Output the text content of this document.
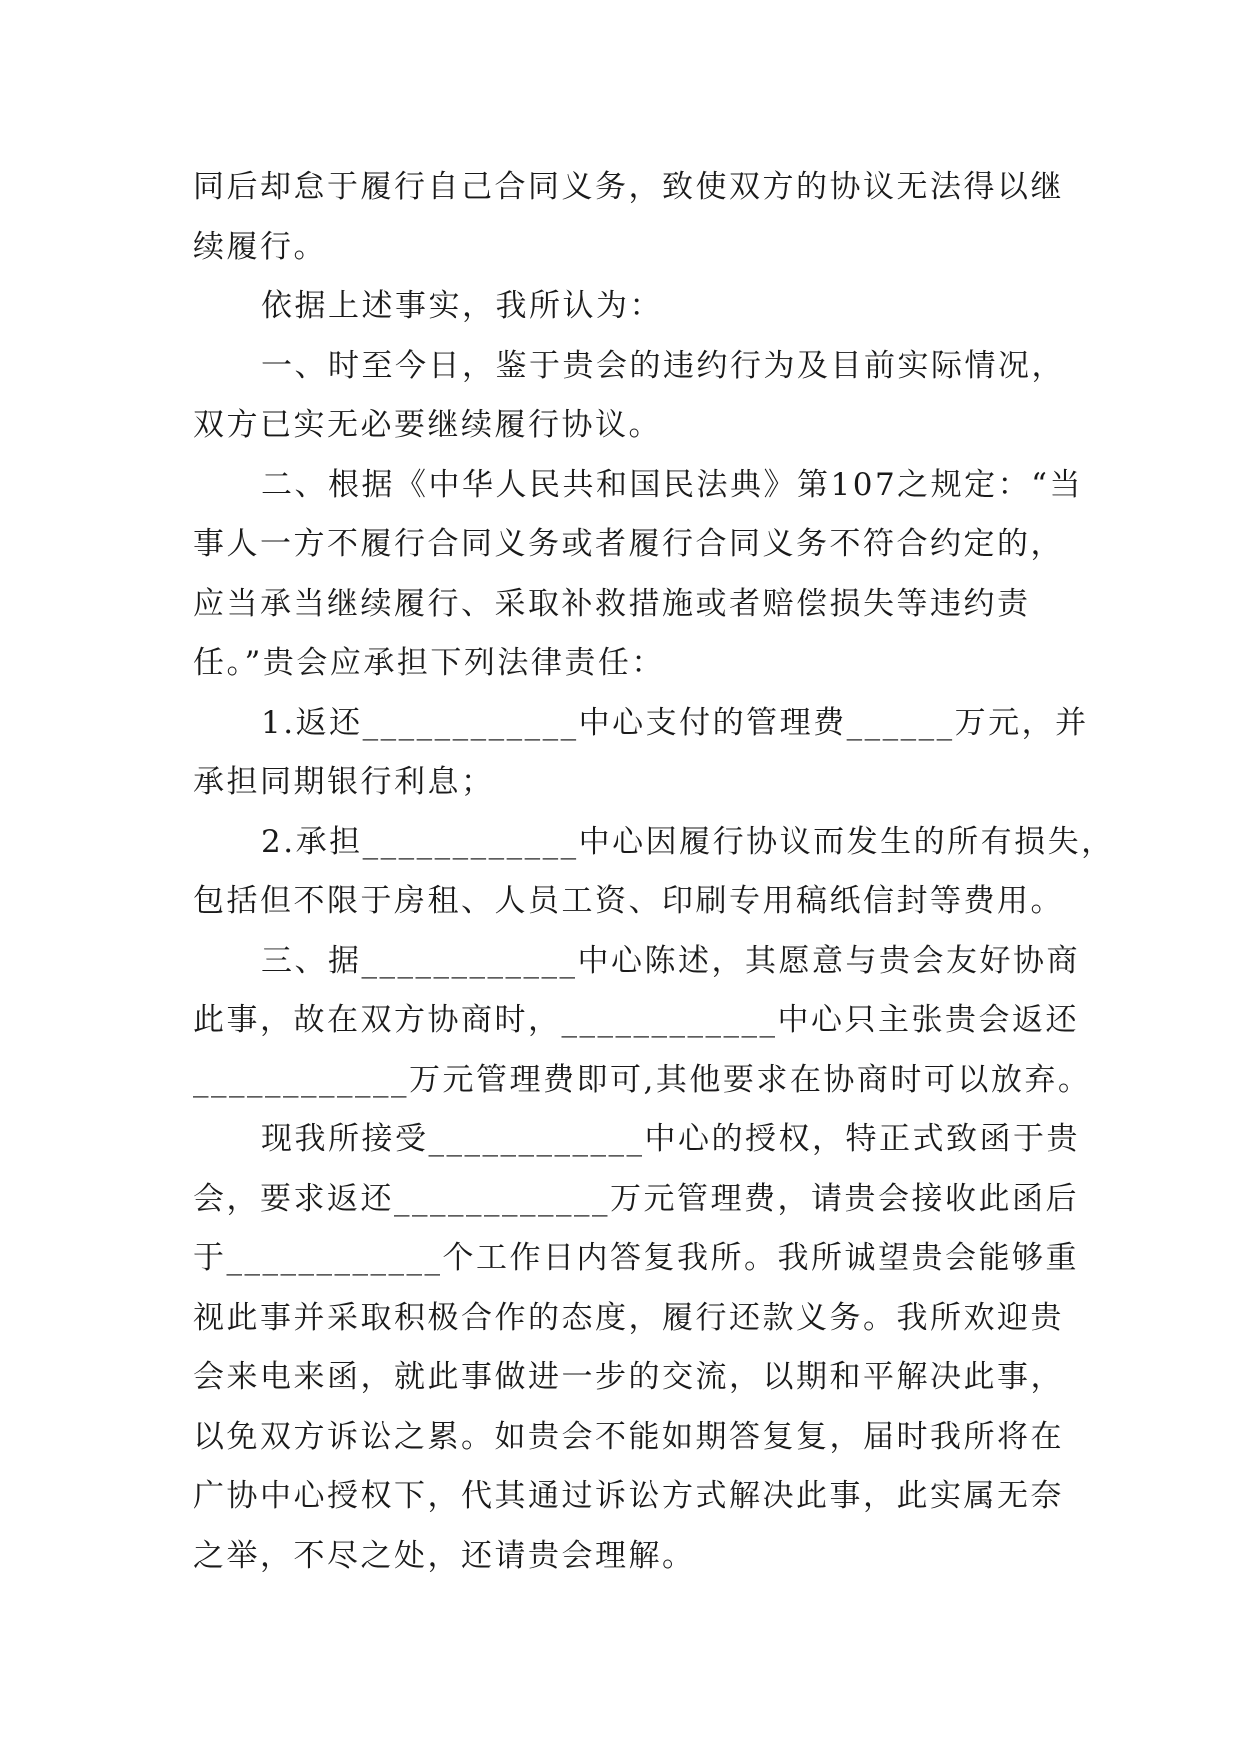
同后却怠于履行自己合同义务，致使双方的协议无法得以继
续履行。
依据上述事实，我所认为：
一、时至今日，鉴于贵会的违约行为及目前实际情况，
双方已实无必要继续履行协议。
二、根据《中华人民共和国民法典》第107之规定：“当
事人一方不履行合同义务或者履行合同义务不符合约定的，
应当承当继续履行、采取补救措施或者赔偿损失等违约责
任。”贵会应承担下列法律责任：
1.返还____________中心支付的管理费______万元，并
承担同期银行利息；
2.承担____________中心因履行协议而发生的所有损失，
包括但不限于房租、人员工资、印刷专用稿纸信封等费用。
三、据____________中心陈述，其愿意与贵会友好协商
此事，故在双方协商时，____________中心只主张贵会返还
____________万元管理费即可,其他要求在协商时可以放弃。
现我所接受____________中心的授权，特正式致函于贵
会，要求返还____________万元管理费，请贵会接收此函后
于____________个工作日内答复我所。我所诚望贵会能够重
视此事并采取积极合作的态度，履行还款义务。我所欢迎贵
会来电来函，就此事做进一步的交流，以期和平解决此事，
以免双方诉讼之累。如贵会不能如期答复复，届时我所将在
广协中心授权下，代其通过诉讼方式解决此事，此实属无奈
之举，不尽之处，还请贵会理解。
